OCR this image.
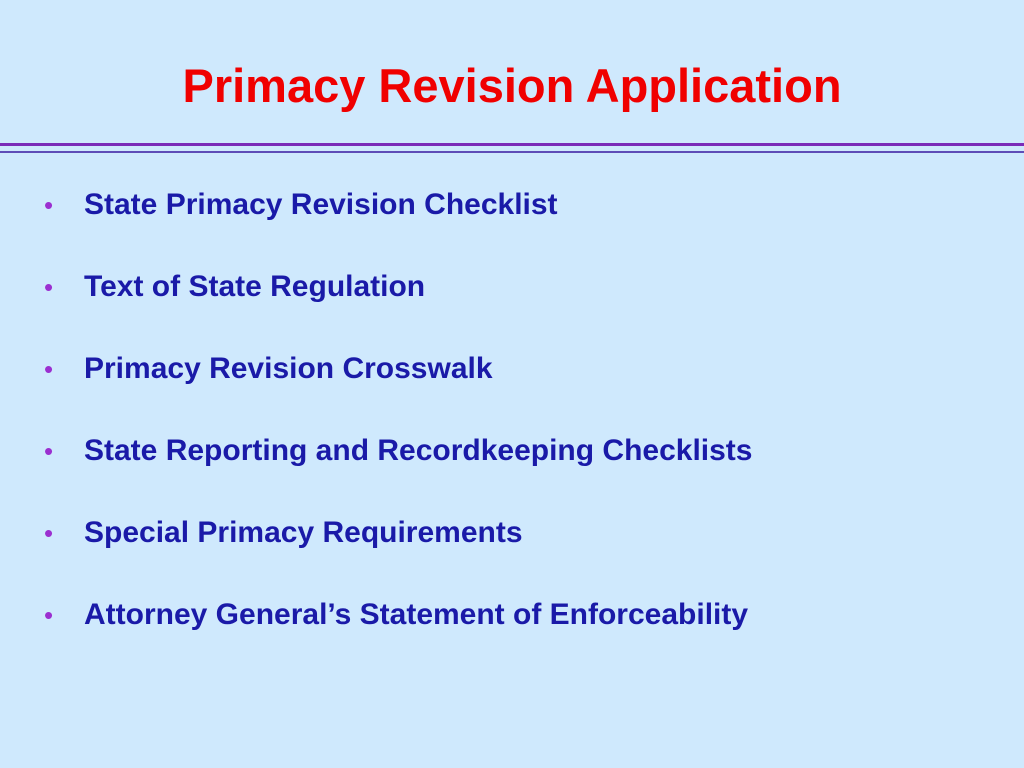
Primacy Revision Application
• State Primacy Revision Checklist
• Text of State Regulation
• Primacy Revision Crosswalk
• State Reporting and Recordkeeping Checklists
• Special Primacy Requirements
• Attorney General’s Statement of Enforceability
